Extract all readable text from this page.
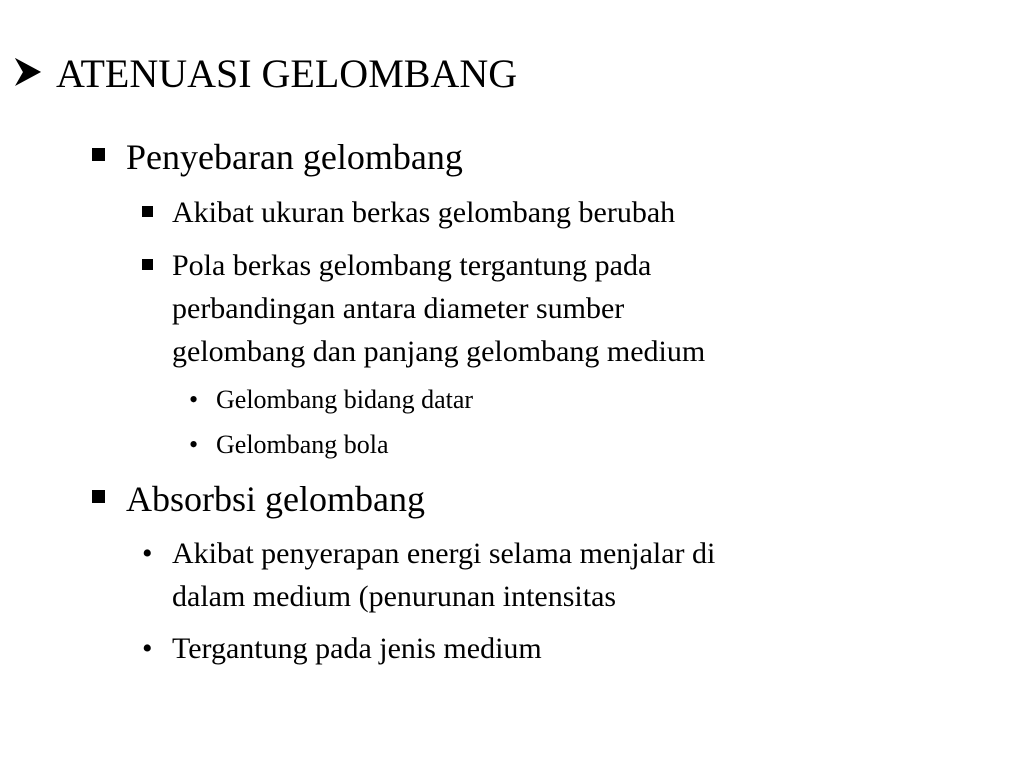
ATENUASI GELOMBANG
Penyebaran gelombang
Akibat ukuran berkas gelombang berubah
Pola berkas gelombang tergantung pada
perbandingan antara diameter sumber
gelombang dan panjang gelombang medium
• Gelombang bidang datar
• Gelombang bola
Absorbsi gelombang
• Akibat penyerapan energi selama menjalar di
dalam medium (penurunan intensitas
• Tergantung pada jenis medium
